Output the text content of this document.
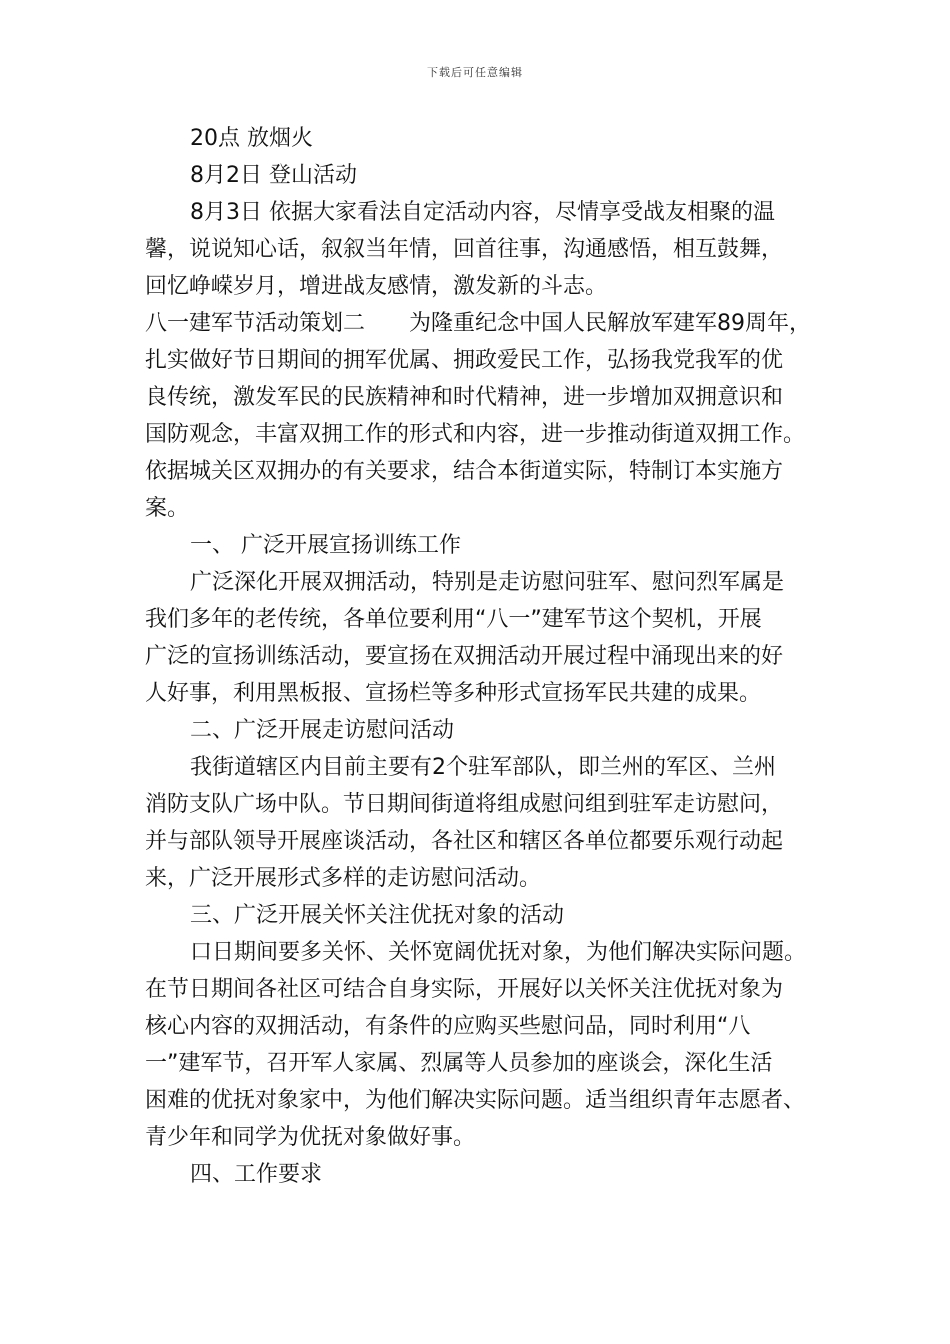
下载后可任意编辑
20点 放烟火
8月2日 登山活动
8月3日 依据大家看法自定活动内容，尽情享受战友相聚的温
馨，说说知心话，叙叙当年情，回首往事，沟通感悟，相互鼓舞，
回忆峥嵘岁月，增进战友感情，激发新的斗志。
八一建军节活动策划二　　为隆重纪念中国人民解放军建军89周年，
扎实做好节日期间的拥军优属、拥政爱民工作，弘扬我党我军的优
良传统，激发军民的民族精神和时代精神，进一步增加双拥意识和
国防观念，丰富双拥工作的形式和内容，进一步推动街道双拥工作。
依据城关区双拥办的有关要求，结合本街道实际，特制订本实施方
案。
一、 广泛开展宣扬训练工作
广泛深化开展双拥活动，特别是走访慰问驻军、慰问烈军属是
我们多年的老传统，各单位要利用“八一”建军节这个契机，开展
广泛的宣扬训练活动，要宣扬在双拥活动开展过程中涌现出来的好
人好事，利用黑板报、宣扬栏等多种形式宣扬军民共建的成果。
二、广泛开展走访慰问活动
我街道辖区内目前主要有2个驻军部队，即兰州的军区、兰州
消防支队广场中队。节日期间街道将组成慰问组到驻军走访慰问，
并与部队领导开展座谈活动，各社区和辖区各单位都要乐观行动起
来，广泛开展形式多样的走访慰问活动。
三、广泛开展关怀关注优抚对象的活动
口日期间要多关怀、关怀宽阔优抚对象，为他们解决实际问题。
在节日期间各社区可结合自身实际，开展好以关怀关注优抚对象为
核心内容的双拥活动，有条件的应购买些慰问品，同时利用“八
一”建军节，召开军人家属、烈属等人员参加的座谈会，深化生活
困难的优抚对象家中，为他们解决实际问题。适当组织青年志愿者、
青少年和同学为优抚对象做好事。
四、工作要求
